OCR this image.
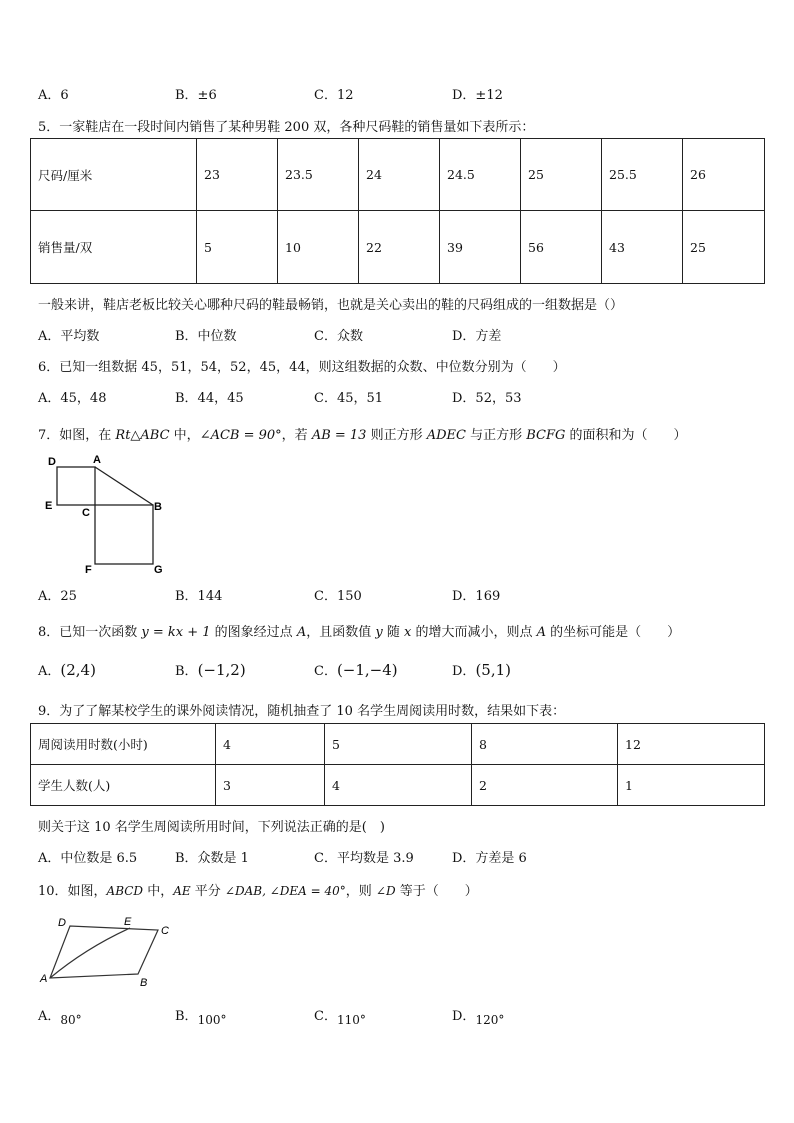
A．6	B．±6	C．12	D．±12
5．一家鞋店在一段时间内销售了某种男鞋 200 双，各种尺码鞋的销售量如下表所示：
尺码/厘米	23	23.5	24	24.5	25	25.5	26
销售量/双	5	10	22	39	56	43	25
一般来讲，鞋店老板比较关心哪种尺码的鞋最畅销，也就是关心卖出的鞋的尺码组成的一组数据是（）
A．平均数	B．中位数	C．众数	D．方差
6．已知一组数据 45，51，54，52，45，44，则这组数据的众数、中位数分别为（　　）
A．45，48	B．44，45	C．45，51	D．52，53
7．如图，在 Rt△ABC 中，∠ACB = 90°，若 AB = 13 则正方形 ADEC 与正方形 BCFG 的面积和为（　　）
D	A
E
C	B
F	G
A．25	B．144	C．150	D．169
8．已知一次函数 y = kx + 1 的图象经过点 A，且函数值 y 随 x 的增大而减小，则点 A 的坐标可能是（　　）
A．(2,4)	B．(−1,2)	C．(−1,−4)	D．(5,1)
9．为了了解某校学生的课外阅读情况，随机抽查了 10 名学生周阅读用时数，结果如下表：
周阅读用时数(小时)	4	5	8	12
学生人数(人)	3	4	2	1
则关于这 10 名学生周阅读所用时间，下列说法正确的是(　)
A．中位数是 6.5	B．众数是 1	C．平均数是 3.9	D．方差是 6
10．如图，ABCD 中，AE 平分 ∠DAB, ∠DEA = 40°，则 ∠D 等于（　　）
D	E
C
A	B
A．80°	B．100°	C．110°	D．120°
